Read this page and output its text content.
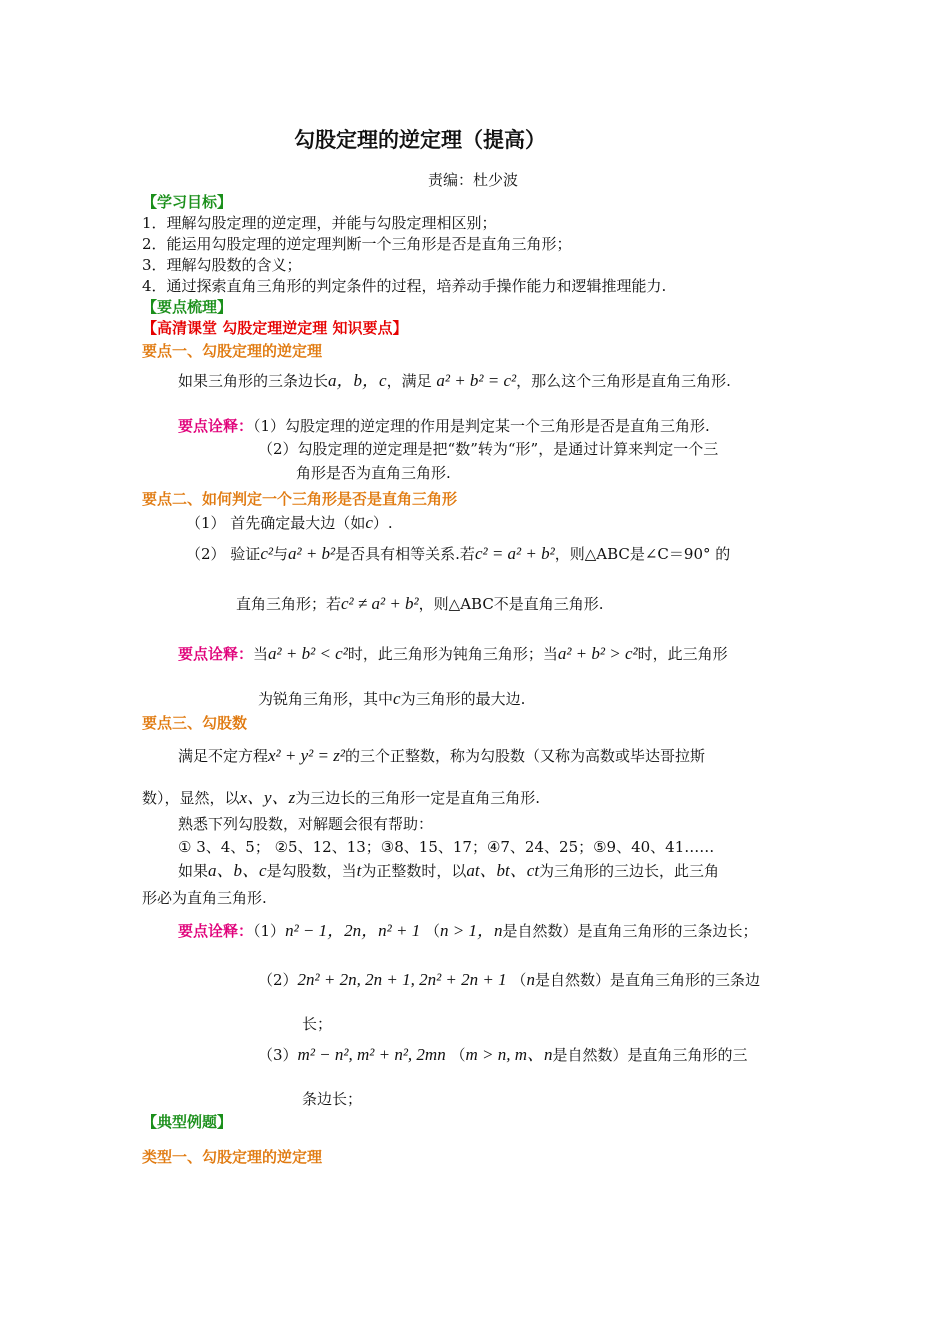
勾股定理的逆定理（提高）
责编：杜少波
【学习目标】
1．理解勾股定理的逆定理，并能与勾股定理相区别；
2．能运用勾股定理的逆定理判断一个三角形是否是直角三角形；
3．理解勾股数的含义；
4．通过探索直角三角形的判定条件的过程，培养动手操作能力和逻辑推理能力.
【要点梳理】
【高清课堂 勾股定理逆定理 知识要点】
要点一、勾股定理的逆定理
如果三角形的三条边长a，b，c，满足 a² + b² = c²，那么这个三角形是直角三角形.
要点诠释：（1）勾股定理的逆定理的作用是判定某一个三角形是否是直角三角形.
（2）勾股定理的逆定理是把“数”转为“形”，是通过计算来判定一个三
角形是否为直角三角形.
要点二、如何判定一个三角形是否是直角三角形
（1） 首先确定最大边（如c）.
（2） 验证c²与a² + b²是否具有相等关系.若c² = a² + b²，则△ABC是∠C＝90° 的
直角三角形；若c² ≠ a² + b²，则△ABC不是直角三角形.
要点诠释：当a² + b² < c²时，此三角形为钝角三角形；当a² + b² > c²时，此三角形
为锐角三角形，其中c为三角形的最大边.
要点三、勾股数
满足不定方程x² + y² = z²的三个正整数，称为勾股数（又称为高数或毕达哥拉斯
数），显然，以x、y、z为三边长的三角形一定是直角三角形.
熟悉下列勾股数，对解题会很有帮助：
① 3、4、5； ②5、12、13；③8、15、17；④7、24、25；⑤9、40、41……
如果a、b、c是勾股数，当t为正整数时，以at、bt、ct为三角形的三边长，此三角
形必为直角三角形.
要点诠释：（1）n² − 1，2n，n² + 1 （n > 1，n是自然数）是直角三角形的三条边长；
（2）2n² + 2n, 2n + 1, 2n² + 2n + 1 （n是自然数）是直角三角形的三条边
长；
（3）m² − n², m² + n², 2mn （m > n, m、n是自然数）是直角三角形的三
条边长；
【典型例题】
类型一、勾股定理的逆定理
